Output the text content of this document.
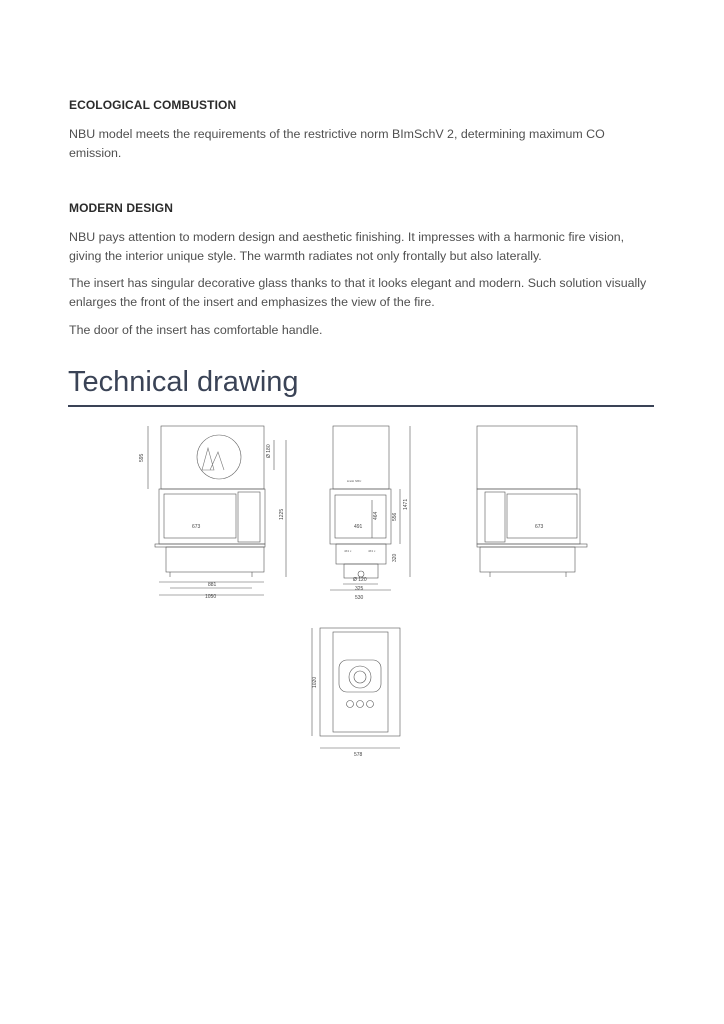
ECOLOGICAL COMBUSTION
NBU model meets the requirements of the restrictive norm BImSchV 2, determining maximum CO emission.
MODERN DESIGN
NBU pays attention to modern design and aesthetic finishing. It impresses with a harmonic fire vision, giving the interior unique style. The warmth radiates not only frontally but also laterally.
The insert has singular decorative glass thanks to that it looks elegant and modern. Such solution visually enlarges the front of the insert and emphasizes the view of the fire.
The door of the insert has comfortable handle.
Technical drawing
595	Ø 180
1225
673
881
1050
kratki NBU
1471
556
464
491
320
463 x	463 x
Ø 120
325
530
673
1020
578
